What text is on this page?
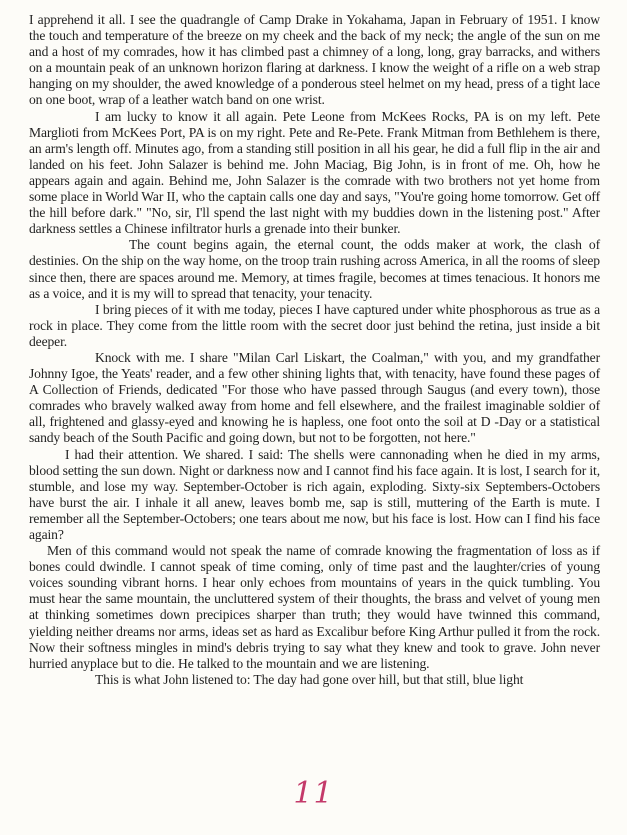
I apprehend it all. I see the quadrangle of Camp Drake in Yokahama, Japan in February of 1951. I know the touch and temperature of the breeze on my cheek and the back of my neck; the angle of the sun on me and a host of my comrades, how it has climbed past a chimney of a long, long, gray barracks, and withers on a mountain peak of an unknown horizon flaring at darkness. I know the weight of a rifle on a web strap hanging on my shoulder, the awed knowledge of a ponderous steel helmet on my head, press of a tight lace on one boot, wrap of a leather watch band on one wrist.

I am lucky to know it all again. Pete Leone from McKees Rocks, PA is on my left. Pete Marglioti from McKees Port, PA is on my right. Pete and Re-Pete. Frank Mitman from Bethlehem is there, an arm's length off. Minutes ago, from a standing still position in all his gear, he did a full flip in the air and landed on his feet. John Salazer is behind me. John Maciag, Big John, is in front of me. Oh, how he appears again and again. Behind me, John Salazer is the comrade with two brothers not yet home from some place in World War II, who the captain calls one day and says, "You're going home tomorrow. Get off the hill before dark." "No, sir, I'll spend the last night with my buddies down in the listening post." After darkness settles a Chinese infiltrator hurls a grenade into their bunker.

The count begins again, the eternal count, the odds maker at work, the clash of destinies. On the ship on the way home, on the troop train rushing across America, in all the rooms of sleep since then, there are spaces around me. Memory, at times fragile, becomes at times tenacious. It honors me as a voice, and it is my will to spread that tenacity, your tenacity.

I bring pieces of it with me today, pieces I have captured under white phosphorous as true as a rock in place. They come from the little room with the secret door just behind the retina, just inside a bit deeper.

Knock with me. I share "Milan Carl Liskart, the Coalman," with you, and my grandfather Johnny Igoe, the Yeats' reader, and a few other shining lights that, with tenacity, have found these pages of A Collection of Friends, dedicated "For those who have passed through Saugus (and every town), those comrades who bravely walked away from home and fell elsewhere, and the frailest imaginable soldier of all, frightened and glassy-eyed and knowing he is hapless, one foot onto the soil at D -Day or a statistical sandy beach of the South Pacific and going down, but not to be forgotten, not here."

I had their attention. We shared. I said: The shells were cannonading when he died in my arms, blood setting the sun down. Night or darkness now and I cannot find his face again. It is lost, I search for it, stumble, and lose my way. September-October is rich again, exploding. Sixty-six Septembers-Octobers have burst the air. I inhale it all anew, leaves bomb me, sap is still, muttering of the Earth is mute. I remember all the September-Octobers; one tears about me now, but his face is lost. How can I find his face again?

Men of this command would not speak the name of comrade knowing the fragmentation of loss as if bones could dwindle. I cannot speak of time coming, only of time past and the laughter/cries of young voices sounding vibrant horns. I hear only echoes from mountains of years in the quick tumbling. You must hear the same mountain, the uncluttered system of their thoughts, the brass and velvet of young men at thinking sometimes down precipices sharper than truth; they would have twinned this command, yielding neither dreams nor arms, ideas set as hard as Excalibur before King Arthur pulled it from the rock. Now their softness mingles in mind's debris trying to say what they knew and took to grave. John never hurried anyplace but to die. He talked to the mountain and we are listening.

This is what John listened to: The day had gone over hill, but that still, blue light

11
